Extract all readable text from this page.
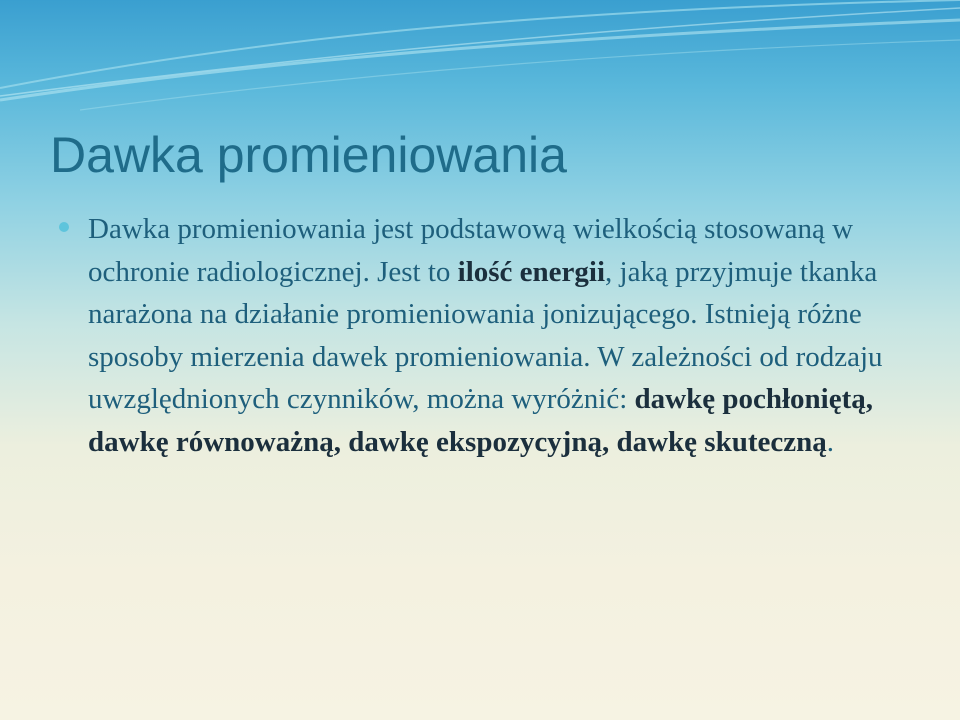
Dawka promieniowania

Dawka promieniowania jest podstawową wielkością stosowaną w ochronie radiologicznej. Jest to ilość energii, jaką przyjmuje tkanka narażona na działanie promieniowania jonizującego. Istnieją różne sposoby mierzenia dawek promieniowania. W zależności od rodzaju uwzględnionych czynników, można wyróżnić: dawkę pochłoniętą, dawkę równoważną, dawkę ekspozycyjną, dawkę skuteczną.
